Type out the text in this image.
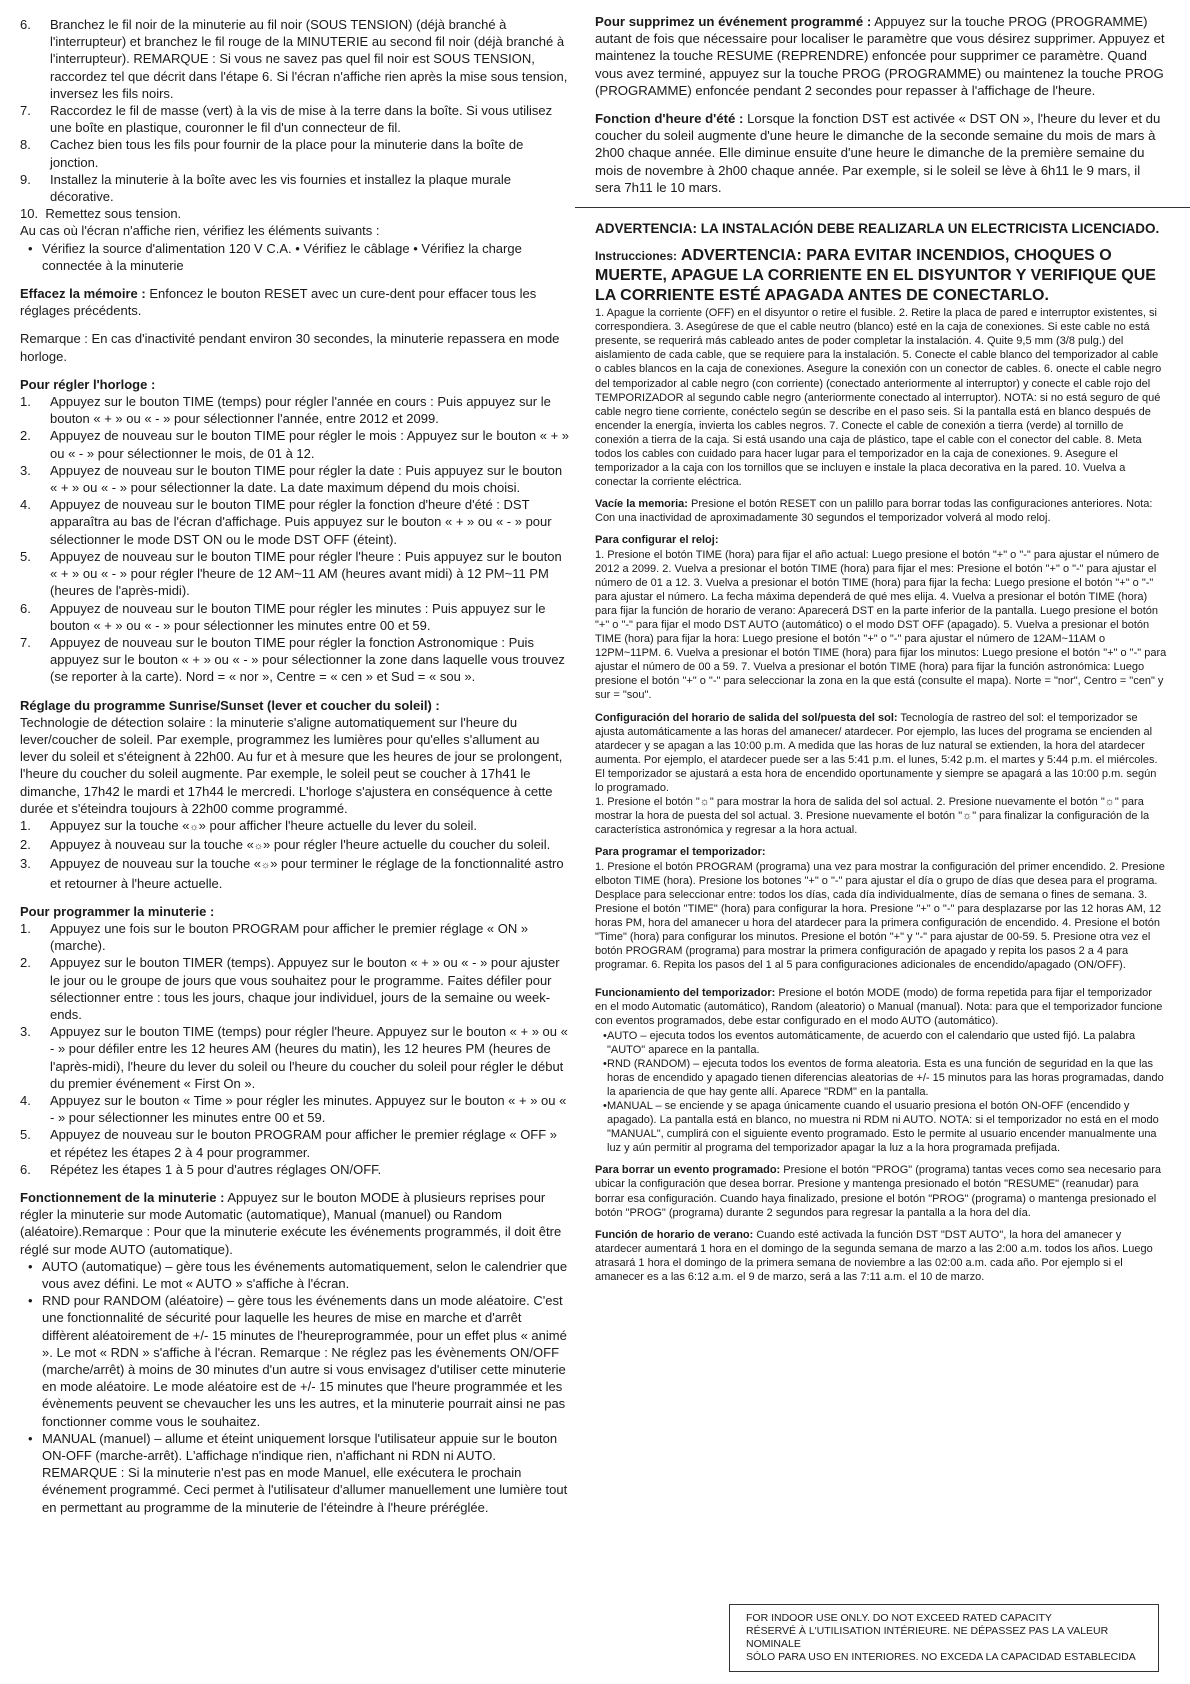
6. Branchez le fil noir de la minuterie au fil noir (SOUS TENSION) (déjà branché à l'interrupteur) et branchez le fil rouge de la MINUTERIE au second fil noir (déjà branché à l'interrupteur). REMARQUE : Si vous ne savez pas quel fil noir est SOUS TENSION, raccordez tel que décrit dans l'étape 6. Si l'écran n'affiche rien après la mise sous tension, inversez les fils noirs.
7. Raccordez le fil de masse (vert) à la vis de mise à la terre dans la boîte. Si vous utilisez une boîte en plastique, couronner le fil d'un connecteur de fil.
8. Cachez bien tous les fils pour fournir de la place pour la minuterie dans la boîte de jonction.
9. Installez la minuterie à la boîte avec les vis fournies et installez la plaque murale décorative.
10. Remettez sous tension.

Au cas où l'écran n'affiche rien, vérifiez les éléments suivants :

• Vérifiez la source d'alimentation 120 V C.A. • Vérifiez le câblage • Vérifiez la charge connectée à la minuterie

Effacez la mémoire : Enfoncez le bouton RESET avec un cure-dent pour effacer tous les réglages précédents.

Remarque : En cas d'inactivité pendant environ 30 secondes, la minuterie repassera en mode horloge.

Pour régler l'horloge :

1. Appuyez sur le bouton TIME (temps) pour régler l'année en cours : Puis appuyez sur le bouton « + » ou « - » pour sélectionner l'année, entre 2012 et 2099.
2. Appuyez de nouveau sur le bouton TIME pour régler le mois : Appuyez sur le bouton « + » ou « - » pour sélectionner le mois, de 01 à 12.
3. Appuyez de nouveau sur le bouton TIME pour régler la date : Puis appuyez sur le bouton « + » ou « - » pour sélectionner la date. La date maximum dépend du mois choisi.
4. Appuyez de nouveau sur le bouton TIME pour régler la fonction d'heure d'été : DST apparaîtra au bas de l'écran d'affichage. Puis appuyez sur le bouton « + » ou « - » pour sélectionner le mode DST ON ou le mode DST OFF (éteint).
5. Appuyez de nouveau sur le bouton TIME pour régler l'heure : Puis appuyez sur le bouton « + » ou « - » pour régler l'heure de 12 AM~11 AM (heures avant midi) à 12 PM~11 PM (heures de l'après-midi).
6. Appuyez de nouveau sur le bouton TIME pour régler les minutes : Puis appuyez sur le bouton « + » ou « - » pour sélectionner les minutes entre 00 et 59.
7. Appuyez de nouveau sur le bouton TIME pour régler la fonction Astronomique : Puis appuyez sur le bouton « + » ou « - » pour sélectionner la zone dans laquelle vous trouvez (se reporter à la carte). Nord = « nor », Centre = « cen » et Sud = « sou ».

Réglage du programme Sunrise/Sunset (lever et coucher du soleil) :

Technologie de détection solaire : la minuterie s'aligne automatiquement sur l'heure du lever/coucher de soleil. Par exemple, programmez les lumières pour qu'elles s'allument au lever du soleil et s'éteignent à 22h00. Au fur et à mesure que les heures de jour se prolongent, l'heure du coucher du soleil augmente. Par exemple, le soleil peut se coucher à 17h41 le dimanche, 17h42 le mardi et 17h44 le mercredi. L'horloge s'ajustera en conséquence à cette durée et s'éteindra toujours à 22h00 comme programmé.

1. Appuyez sur la touche «☼» pour afficher l'heure actuelle du lever du soleil.
2. Appuyez à nouveau sur la touche «☼» pour régler l'heure actuelle du coucher du soleil.
3. Appuyez de nouveau sur la touche «☼» pour terminer le réglage de la fonctionnalité astro et retourner à l'heure actuelle.

Pour programmer la minuterie :

1. Appuyez une fois sur le bouton PROGRAM pour afficher le premier réglage « ON » (marche).
2. Appuyez sur le bouton TIMER (temps). Appuyez sur le bouton « + » ou « - » pour ajuster le jour ou le groupe de jours que vous souhaitez pour le programme. Faites défiler pour sélectionner entre : tous les jours, chaque jour individuel, jours de la semaine ou week-ends.
3. Appuyez sur le bouton TIME (temps) pour régler l'heure. Appuyez sur le bouton « + » ou « - » pour défiler entre les 12 heures AM (heures du matin), les 12 heures PM (heures de l'après-midi), l'heure du lever du soleil ou l'heure du coucher du soleil pour régler le début du premier événement « First On ».
4. Appuyez sur le bouton « Time » pour régler les minutes. Appuyez sur le bouton « + » ou « - » pour sélectionner les minutes entre 00 et 59.
5. Appuyez de nouveau sur le bouton PROGRAM pour afficher le premier réglage « OFF » et répétez les étapes 2 à 4 pour programmer.
6. Répétez les étapes 1 à 5 pour d'autres réglages ON/OFF.

Fonctionnement de la minuterie : Appuyez sur le bouton MODE à plusieurs reprises pour régler la minuterie sur mode Automatic (automatique), Manual (manuel) ou Random (aléatoire).Remarque : Pour que la minuterie exécute les événements programmés, il doit être réglé sur mode AUTO (automatique).

• AUTO (automatique) – gère tous les événements automatiquement, selon le calendrier que vous avez défini. Le mot « AUTO » s'affiche à l'écran.
• RND pour RANDOM (aléatoire) – gère tous les événements dans un mode aléatoire. C'est une fonctionnalité de sécurité pour laquelle les heures de mise en marche et d'arrêt diffèrent aléatoirement de +/- 15 minutes de l'heureprogrammée, pour un effet plus « animé ». Le mot « RDN » s'affiche à l'écran. Remarque : Ne réglez pas les évènements ON/OFF (marche/arrêt) à moins de 30 minutes d'un autre si vous envisagez d'utiliser cette minuterie en mode aléatoire. Le mode aléatoire est de +/- 15 minutes que l'heure programmée et les évènements peuvent se chevaucher les uns les autres, et la minuterie pourrait ainsi ne pas fonctionner comme vous le souhaitez.
• MANUAL (manuel) – allume et éteint uniquement lorsque l'utilisateur appuie sur le bouton ON-OFF (marche-arrêt). L'affichage n'indique rien, n'affichant ni RDN ni AUTO. REMARQUE : Si la minuterie n'est pas en mode Manuel, elle exécutera le prochain événement programmé. Ceci permet à l'utilisateur d'allumer manuellement une lumière tout en permettant au programme de la minuterie de l'éteindre à l'heure préréglée.

Pour supprimez un événement programmé : Appuyez sur la touche PROG (PROGRAMME) autant de fois que nécessaire pour localiser le paramètre que vous désirez supprimer. Appuyez et maintenez la touche RESUME (REPRENDRE) enfoncée pour supprimer ce paramètre. Quand vous avez terminé, appuyez sur la touche PROG (PROGRAMME) ou maintenez la touche PROG (PROGRAMME) enfoncée pendant 2 secondes pour repasser à l'affichage de l'heure.

Fonction d'heure d'été : Lorsque la fonction DST est activée « DST ON », l'heure du lever et du coucher du soleil augmente d'une heure le dimanche de la seconde semaine du mois de mars à 2h00 chaque année. Elle diminue ensuite d'une heure le dimanche de la première semaine du mois de novembre à 2h00 chaque année. Par exemple, si le soleil se lève à 6h11 le 9 mars, il sera 7h11 le 10 mars.

ADVERTENCIA: LA INSTALACIÓN DEBE REALIZARLA UN ELECTRICISTA LICENCIADO.

Instrucciones: ADVERTENCIA: PARA EVITAR INCENDIOS, CHOQUES O MUERTE, APAGUE LA CORRIENTE EN EL DISYUNTOR Y VERIFIQUE QUE LA CORRIENTE ESTÉ APAGADA ANTES DE CONECTARLO.

1. Apague la corriente (OFF) en el disyuntor o retire el fusible. 2. Retire la placa de pared e interruptor existentes, si correspondiera. 3. Asegúrese de que el cable neutro (blanco) esté en la caja de conexiones. Si este cable no está presente, se requerirá más cableado antes de poder completar la instalación. 4. Quite 9,5 mm (3/8 pulg.) del aislamiento de cada cable, que se requiere para la instalación. 5. Conecte el cable blanco del temporizador al cable o cables blancos en la caja de conexiones. Asegure la conexión con un conector de cables. 6. onecte el cable negro del temporizador al cable negro (con corriente) (conectado anteriormente al interruptor) y conecte el cable rojo del TEMPORIZADOR al segundo cable negro (anteriormente conectado al interruptor). NOTA: si no está seguro de qué cable negro tiene corriente, conéctelo según se describe en el paso seis. Si la pantalla está en blanco después de encender la energía, invierta los cables negros. 7. Conecte el cable de conexión a tierra (verde) al tornillo de conexión a tierra de la caja. Si está usando una caja de plástico, tape el cable con el conector del cable. 8. Meta todos los cables con cuidado para hacer lugar para el temporizador en la caja de conexiones. 9. Asegure el temporizador a la caja con los tornillos que se incluyen e instale la placa decorativa en la pared. 10. Vuelva a conectar la corriente eléctrica.

Vacíe la memoria: Presione el botón RESET con un palillo para borrar todas las configuraciones anteriores. Nota: Con una inactividad de aproximadamente 30 segundos el temporizador volverá al modo reloj.

Para configurar el reloj:

1. Presione el botón TIME (hora) para fijar el año actual: Luego presione el botón "+" o "-" para ajustar el número de 2012 a 2099. 2. Vuelva a presionar el botón TIME (hora) para fijar el mes: Presione el botón "+" o "-" para ajustar el número de 01 a 12. 3. Vuelva a presionar el botón TIME (hora) para fijar la fecha: Luego presione el botón "+" o "-" para ajustar el número. La fecha máxima dependerá de qué mes elija. 4. Vuelva a presionar el botón TIME (hora) para fijar la función de horario de verano: Aparecerá DST en la parte inferior de la pantalla. Luego presione el botón "+" o "-" para fijar el modo DST AUTO (automático) o el modo DST OFF (apagado). 5. Vuelva a presionar el botón TIME (hora) para fijar la hora: Luego presione el botón "+" o "-" para ajustar el número de 12AM~11AM o 12PM~11PM. 6. Vuelva a presionar el botón TIME (hora) para fijar los minutos: Luego presione el botón "+" o "-" para ajustar el número de 00 a 59. 7. Vuelva a presionar el botón TIME (hora) para fijar la función astronómica: Luego presione el botón "+" o "-" para seleccionar la zona en la que está (consulte el mapa). Norte = "nor", Centro = "cen" y sur = "sou".

Configuración del horario de salida del sol/puesta del sol: Tecnología de rastreo del sol: el temporizador se ajusta automáticamente a las horas del amanecer/ atardecer. Por ejemplo, las luces del programa se encienden al atardecer y se apagan a las 10:00 p.m. A medida que las horas de luz natural se extienden, la hora del atardecer aumenta. Por ejemplo, el atardecer puede ser a las 5:41 p.m. el lunes, 5:42 p.m. el martes y 5:44 p.m. el miércoles. El temporizador se ajustará a esta hora de encendido oportunamente y siempre se apagará a las 10:00 p.m. según lo programado.

1. Presione el botón "☼" para mostrar la hora de salida del sol actual. 2. Presione nuevamente el botón "☼" para mostrar la hora de puesta del sol actual. 3. Presione nuevamente el botón "☼" para finalizar la configuración de la característica astronómica y regresar a la hora actual.

Para programar el temporizador:

1. Presione el botón PROGRAM (programa) una vez para mostrar la configuración del primer encendido. 2. Presione elboton TIME (hora). Presione los botones "+" o "-" para ajustar el día o grupo de días que desea para el programa. Desplace para seleccionar entre: todos los días, cada día individualmente, días de semana o fines de semana. 3. Presione el botón "TIME" (hora) para configurar la hora. Presione "+" o "-" para desplazarse por las 12 horas AM, 12 horas PM, hora del amanecer u hora del atardecer para la primera configuración de encendido. 4. Presione el botón "Time" (hora) para configurar los minutos. Presione el botón "+" y "-" para ajustar de 00-59. 5. Presione otra vez el botón PROGRAM (programa) para mostrar la primera configuración de apagado y repita los pasos 2 a 4 para programar. 6. Repita los pasos del 1 al 5 para configuraciones adicionales de encendido/apagado (ON/OFF).

Funcionamiento del temporizador: Presione el botón MODE (modo) de forma repetida para fijar el temporizador en el modo Automatic (automático), Random (aleatorio) o Manual (manual). Nota: para que el temporizador funcione con eventos programados, debe estar configurado en el modo AUTO (automático).

• AUTO – ejecuta todos los eventos automáticamente, de acuerdo con el calendario que usted fijó. La palabra "AUTO" aparece en la pantalla.
• RND (RANDOM) – ejecuta todos los eventos de forma aleatoria. Esta es una función de seguridad en la que las horas de encendido y apagado tienen diferencias aleatorias de +/- 15 minutos para las horas programadas, dando la apariencia de que hay gente allí. Aparece "RDM" en la pantalla.
• MANUAL – se enciende y se apaga únicamente cuando el usuario presiona el botón ON-OFF (encendido y apagado). La pantalla está en blanco, no muestra ni RDM ni AUTO. NOTA: si el temporizador no está en el modo "MANUAL", cumplirá con el siguiente evento programado. Esto le permite al usuario encender manualmente una luz y aún permitir al programa del temporizador apagar la luz a la hora programada prefijada.

Para borrar un evento programado: Presione el botón "PROG" (programa) tantas veces como sea necesario para ubicar la configuración que desea borrar. Presione y mantenga presionado el botón "RESUME" (reanudar) para borrar esa configuración. Cuando haya finalizado, presione el botón "PROG" (programa) o mantenga presionado el botón "PROG" (programa) durante 2 segundos para regresar la pantalla a la hora del día.

Función de horario de verano: Cuando esté activada la función DST "DST AUTO", la hora del amanecer y atardecer aumentará 1 hora en el domingo de la segunda semana de marzo a las 2:00 a.m. todos los años. Luego atrasará 1 hora el domingo de la primera semana de noviembre a las 02:00 a.m. cada año. Por ejemplo si el amanecer es a las 6:12 a.m. el 9 de marzo, será a las 7:11 a.m. el 10 de marzo.

FOR INDOOR USE ONLY. DO NOT EXCEED RATED CAPACITY
RÉSERVÉ À L'UTILISATION INTÉRIEURE. NE DÉPASSEZ PAS LA VALEUR NOMINALE
SÓLO PARA USO EN INTERIORES. NO EXCEDA LA CAPACIDAD ESTABLECIDA
